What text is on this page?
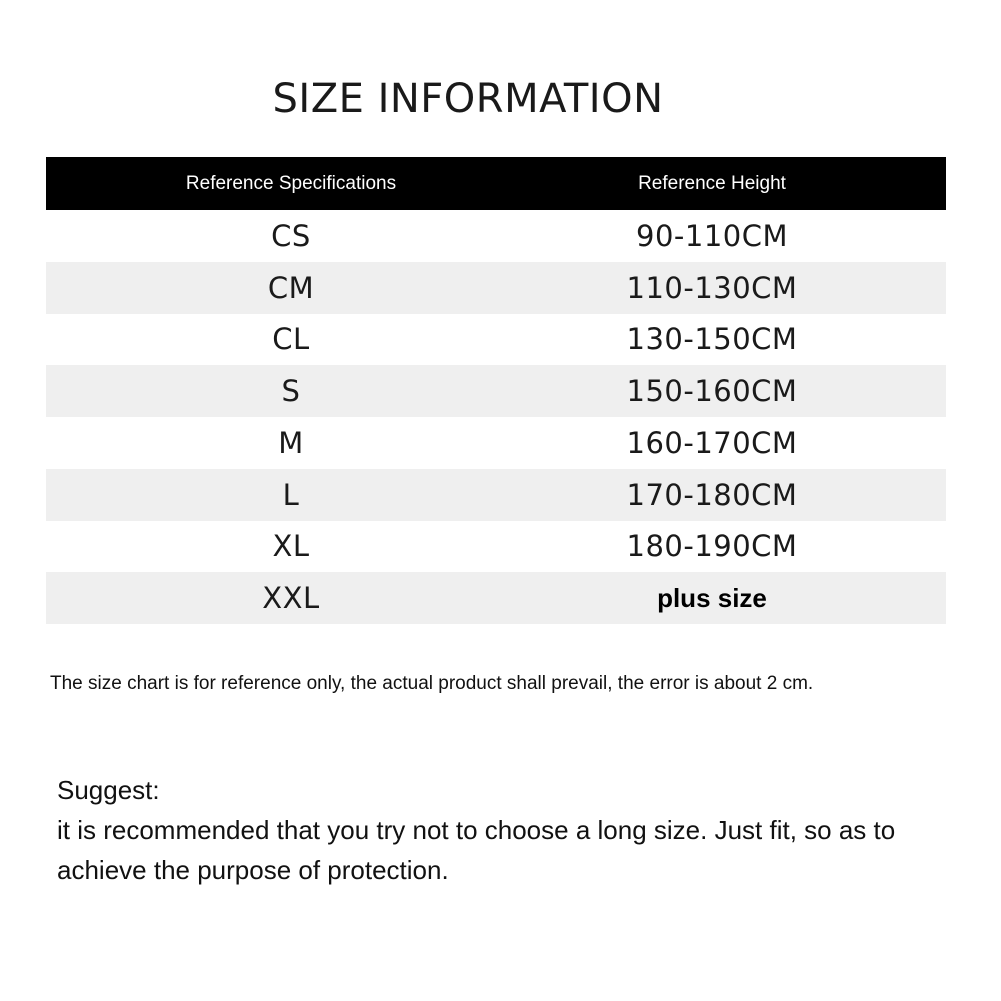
SIZE INFORMATION
Reference Specifications	Reference Height
CS	90-110CM
CM	110-130CM
CL	130-150CM
S	150-160CM
M	160-170CM
L	170-180CM
XL	180-190CM
XXL	plus size

The size chart is for reference only, the actual product shall prevail, the error is about 2 cm.

Suggest:

it is recommended that you try not to choose a long size. Just fit, so as to

achieve the purpose of protection.
